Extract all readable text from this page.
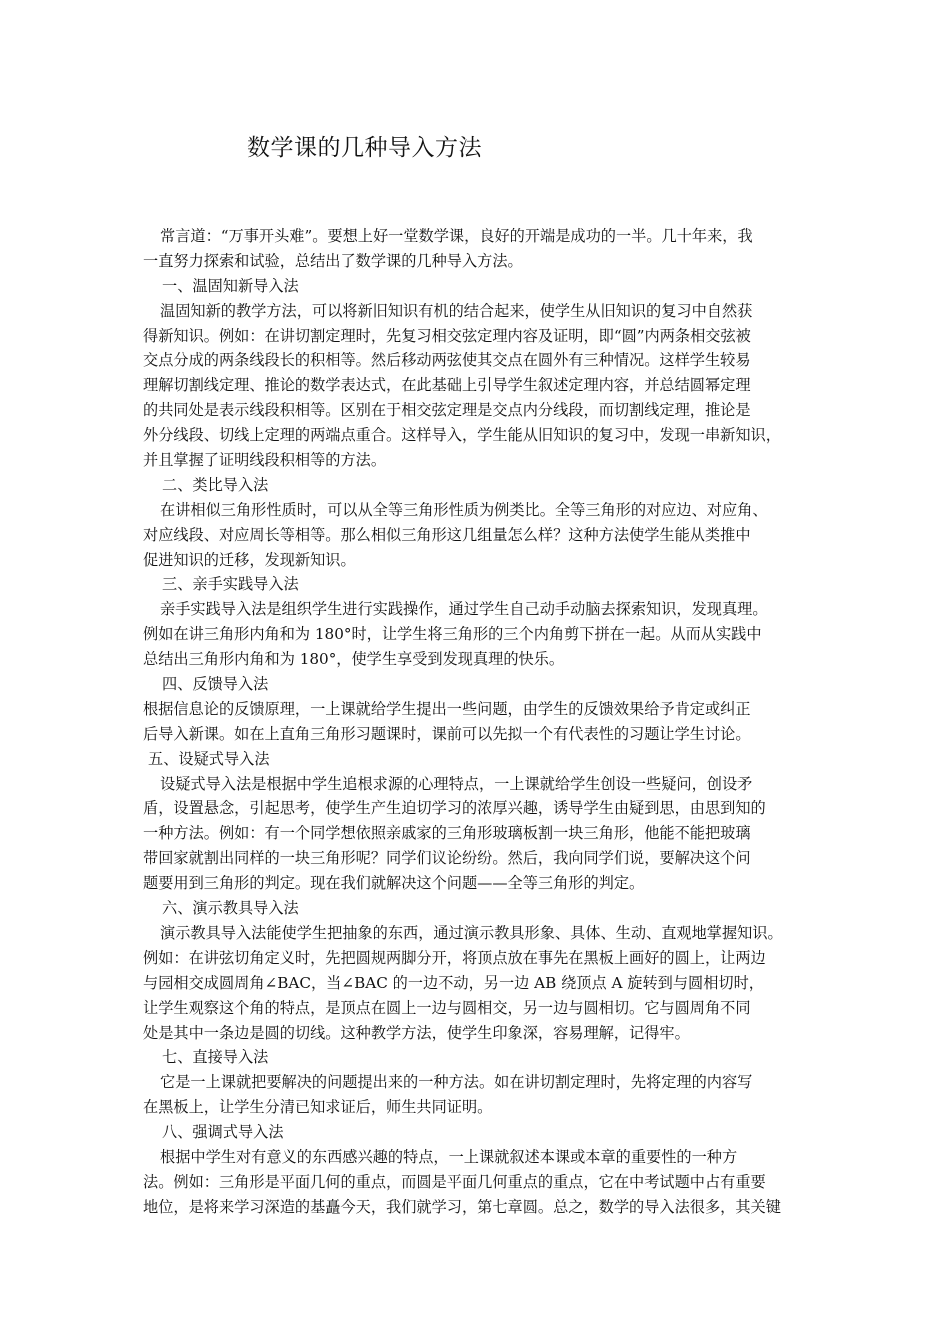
数学课的几种导入方法
常言道：“万事开头难”。要想上好一堂数学课，良好的开端是成功的一半。几十年来，我
一直努力探索和试验，总结出了数学课的几种导入方法。
一、温固知新导入法
温固知新的教学方法，可以将新旧知识有机的结合起来，使学生从旧知识的复习中自然获
得新知识。例如：在讲切割定理时，先复习相交弦定理内容及证明，即“圆”内两条相交弦被
交点分成的两条线段长的积相等。然后移动两弦使其交点在圆外有三种情况。这样学生较易
理解切割线定理、推论的数学表达式，在此基础上引导学生叙述定理内容，并总结圆幂定理
的共同处是表示线段积相等。区别在于相交弦定理是交点内分线段，而切割线定理，推论是
外分线段、切线上定理的两端点重合。这样导入，学生能从旧知识的复习中，发现一串新知识，
并且掌握了证明线段积相等的方法。
二、类比导入法
在讲相似三角形性质时，可以从全等三角形性质为例类比。全等三角形的对应边、对应角、
对应线段、对应周长等相等。那么相似三角形这几组量怎么样？这种方法使学生能从类推中
促进知识的迁移，发现新知识。
三、亲手实践导入法
亲手实践导入法是组织学生进行实践操作，通过学生自己动手动脑去探索知识，发现真理。
例如在讲三角形内角和为 180°时，让学生将三角形的三个内角剪下拼在一起。从而从实践中
总结出三角形内角和为 180°，使学生享受到发现真理的快乐。
四、反馈导入法
根据信息论的反馈原理，一上课就给学生提出一些问题，由学生的反馈效果给予肯定或纠正
后导入新课。如在上直角三角形习题课时，课前可以先拟一个有代表性的习题让学生讨论。
五、设疑式导入法
设疑式导入法是根据中学生追根求源的心理特点，一上课就给学生创设一些疑问，创设矛
盾，设置悬念，引起思考，使学生产生迫切学习的浓厚兴趣，诱导学生由疑到思，由思到知的
一种方法。例如：有一个同学想依照亲戚家的三角形玻璃板割一块三角形，他能不能把玻璃
带回家就割出同样的一块三角形呢？同学们议论纷纷。然后，我向同学们说，要解决这个问
题要用到三角形的判定。现在我们就解决这个问题——全等三角形的判定。
六、演示教具导入法
演示教具导入法能使学生把抽象的东西，通过演示教具形象、具体、生动、直观地掌握知识。
例如：在讲弦切角定义时，先把圆规两脚分开，将顶点放在事先在黑板上画好的圆上，让两边
与园相交成圆周角∠BAC，当∠BAC 的一边不动，另一边 AB 绕顶点 A 旋转到与圆相切时，
让学生观察这个角的特点，是顶点在圆上一边与圆相交，另一边与圆相切。它与圆周角不同
处是其中一条边是圆的切线。这种教学方法，使学生印象深，容易理解，记得牢。
七、直接导入法
它是一上课就把要解决的问题提出来的一种方法。如在讲切割定理时，先将定理的内容写
在黑板上，让学生分清已知求证后，师生共同证明。
八、强调式导入法
根据中学生对有意义的东西感兴趣的特点，一上课就叙述本课或本章的重要性的一种方
法。例如：三角形是平面几何的重点，而圆是平面几何重点的重点，它在中考试题中占有重要
地位，是将来学习深造的基矗今天，我们就学习，第七章圆。总之，数学的导入法很多，其关键
